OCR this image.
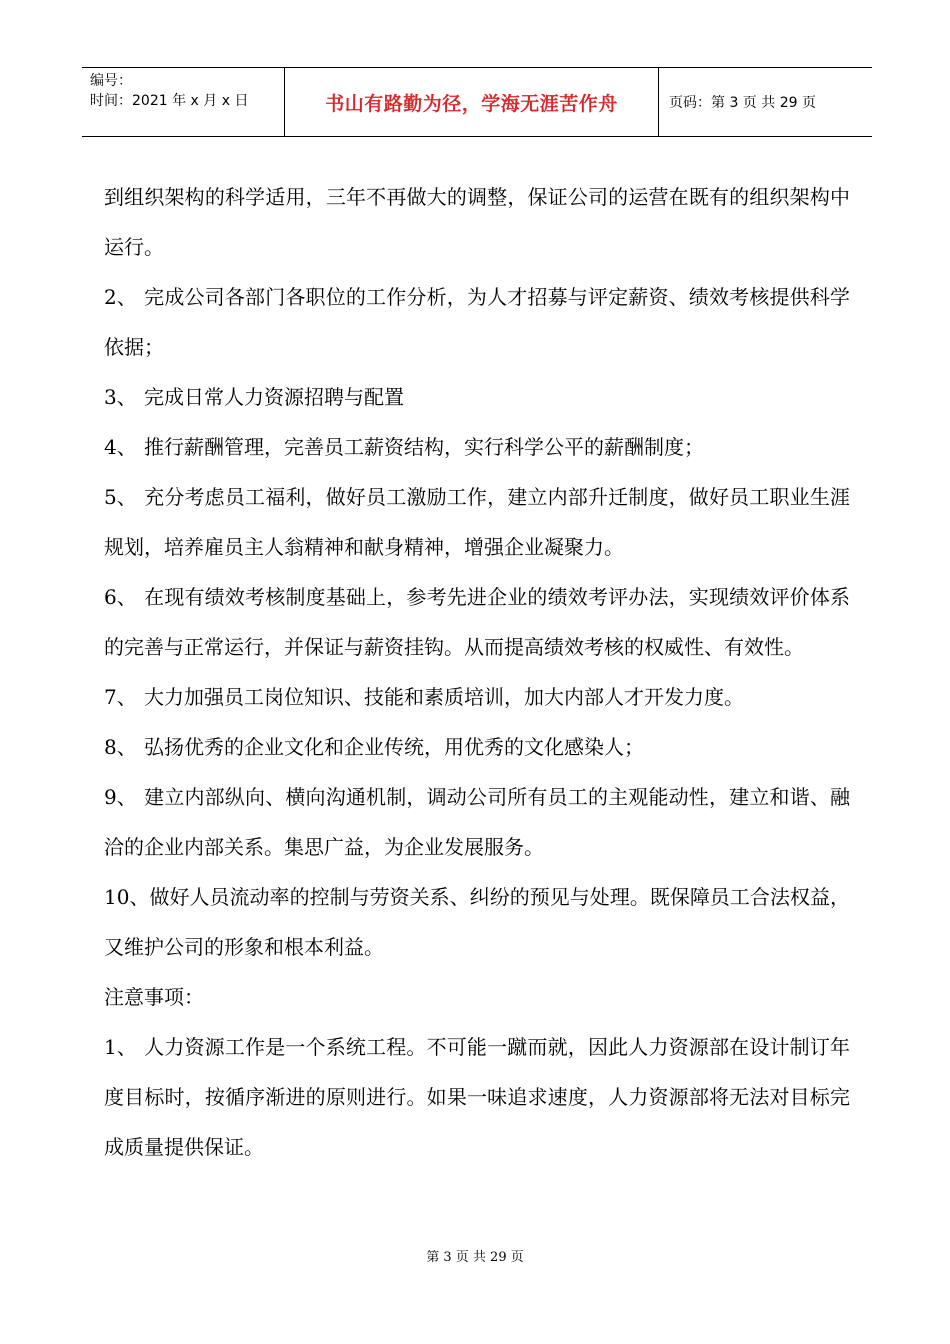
编号：
时间：2021 年 x 月 x 日	书山有路勤为径，学海无涯苦作舟	页码：第 3 页 共 29 页

到组织架构的科学适用，三年不再做大的调整，保证公司的运营在既有的组织架构中运行。

2、 完成公司各部门各职位的工作分析，为人才招募与评定薪资、绩效考核提供科学依据；

3、 完成日常人力资源招聘与配置

4、 推行薪酬管理，完善员工薪资结构，实行科学公平的薪酬制度；

5、 充分考虑员工福利，做好员工激励工作，建立内部升迁制度，做好员工职业生涯规划，培养雇员主人翁精神和献身精神，增强企业凝聚力。

6、 在现有绩效考核制度基础上，参考先进企业的绩效考评办法，实现绩效评价体系的完善与正常运行，并保证与薪资挂钩。从而提高绩效考核的权威性、有效性。

7、 大力加强员工岗位知识、技能和素质培训，加大内部人才开发力度。

8、 弘扬优秀的企业文化和企业传统，用优秀的文化感染人；

9、 建立内部纵向、横向沟通机制，调动公司所有员工的主观能动性，建立和谐、融洽的企业内部关系。集思广益，为企业发展服务。

10、做好人员流动率的控制与劳资关系、纠纷的预见与处理。既保障员工合法权益，又维护公司的形象和根本利益。

注意事项：

1、 人力资源工作是一个系统工程。不可能一蹴而就，因此人力资源部在设计制订年度目标时，按循序渐进的原则进行。如果一味追求速度，人力资源部将无法对目标完成质量提供保证。

第 3 页 共 29 页
